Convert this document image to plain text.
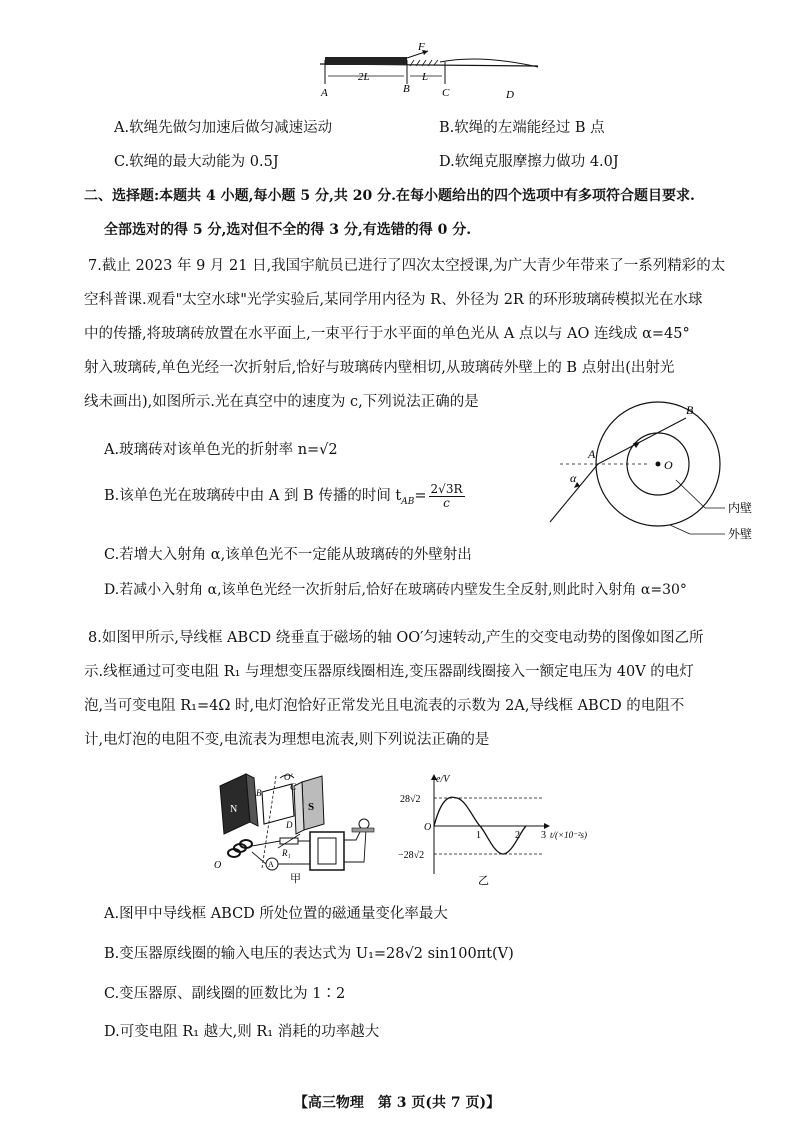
F
2L	L
A	B	C	D
A.软绳先做匀加速后做匀减速运动	B.软绳的左端能经过 B 点
C.软绳的最大动能为 0.5J	D.软绳克服摩擦力做功 4.0J
二、选择题:本题共 4 小题,每小题 5 分,共 20 分.在每小题给出的四个选项中有多项符合题目要求.
全部选对的得 5 分,选对但不全的得 3 分,有选错的得 0 分.
7.截止 2023 年 9 月 21 日,我国宇航员已进行了四次太空授课,为广大青少年带来了一系列精彩的太
空科普课.观看"太空水球"光学实验后,某同学用内径为 R、外径为 2R 的环形玻璃砖模拟光在水球
中的传播,将玻璃砖放置在水平面上,一束平行于水平面的单色光从 A 点以与 AO 连线成 α=45°
射入玻璃砖,单色光经一次折射后,恰好与玻璃砖内壁相切,从玻璃砖外壁上的 B 点射出(出射光
线未画出),如图所示.光在真空中的速度为 c,下列说法正确的是
A.玻璃砖对该单色光的折射率 n=√2
B.该单色光在玻璃砖中由 A 到 B 传播的时间 $t_{AB}= \frac{2√3R}{c}$
C.若增大入射角 α,该单色光不一定能从玻璃砖的外壁射出
D.若减小入射角 α,该单色光经一次折射后,恰好在玻璃砖内壁发生全反射,则此时入射角 α=30°
B
A
O
α
内壁
外壁
8.如图甲所示,导线框 ABCD 绕垂直于磁场的轴 OO′匀速转动,产生的交变电动势的图像如图乙所
示.线框通过可变电阻 R₁ 与理想变压器原线圈相连,变压器副线圈接入一额定电压为 40V 的电灯
泡,当可变电阻 R₁=4Ω 时,电灯泡恰好正常发光且电流表的示数为 2A,导线框 ABCD 的电阻不
计,电灯泡的电阻不变,电流表为理想电流表,则下列说法正确的是
N	S
O′
B
C
D
O
R₁
A
甲
e/V
28√2
−28√2
O
1	2 3 t/(×10⁻²s)
乙
A.图甲中导线框 ABCD 所处位置的磁通量变化率最大
B.变压器原线圈的输入电压的表达式为 U₁=28√2 sin100πt(V)
C.变压器原、副线圈的匝数比为 1∶2
D.可变电阻 R₁ 越大,则 R₁ 消耗的功率越大
【高三物理　第 3 页(共 7 页)】
